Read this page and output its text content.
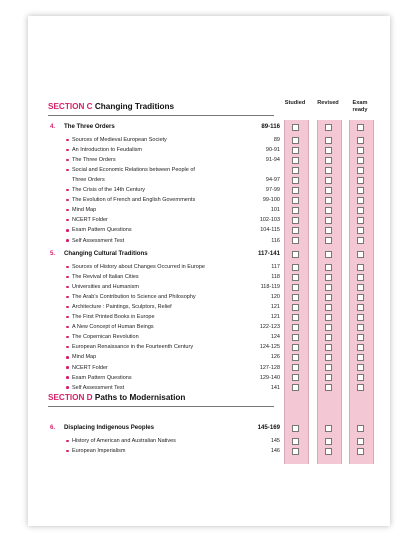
Studied	Revised	Exam ready
SECTION C Changing Traditions
SECTION D Paths to Modernisation
4. The Three Orders	89-116
Sources of Medieval European Society	89
An Introduction to Feudalism	90-91
The Three Orders	91-94
Social and Economic Relations between People of
Three Orders	94-97
The Crisis of the 14th Century	97-99
The Evolution of French and English Governments	99-100
Mind Map	101
NCERT Folder	102-103
Exam Pattern Questions	104-115
Self Assessment Test	116
5. Changing Cultural Traditions	117-141
Sources of History about Changes Occurred in Europe	117
The Revival of Italian Cities	118
Universities and Humanism	118-119
The Arab's Contribution to Science and Philosophy	120
Architecture : Paintings, Sculptors, Relief	121
The First Printed Books in Europe	121
A New Concept of Human Beings	122-123
The Copernican Revolution	124
European Renaissance in the Fourteenth Century	124-125
Mind Map	126
NCERT Folder	127-128
Exam Pattern Questions	129-140
Self Assessment Test	141
6. Displacing Indigenous Peoples	145-169
History of American and Australian Natives	145
European Imperialism	146
